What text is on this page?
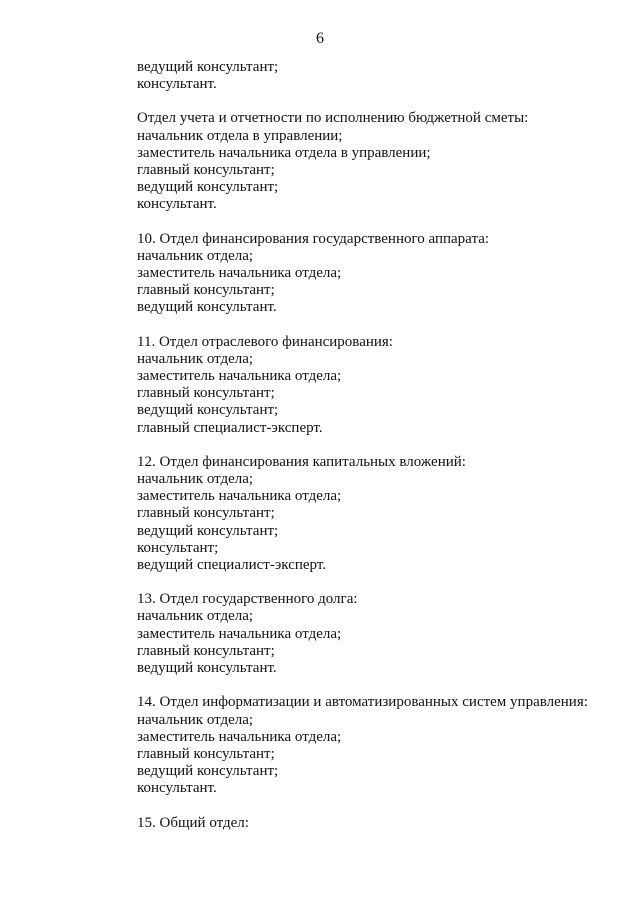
6
ведущий консультант;
консультант.
Отдел учета и отчетности по исполнению бюджетной сметы:
начальник отдела в управлении;
заместитель начальника отдела в управлении;
главный консультант;
ведущий консультант;
консультант.
10. Отдел финансирования государственного аппарата:
начальник отдела;
заместитель начальника отдела;
главный консультант;
ведущий консультант.
11. Отдел отраслевого финансирования:
начальник отдела;
заместитель начальника отдела;
главный консультант;
ведущий консультант;
главный специалист-эксперт.
12. Отдел финансирования капитальных вложений:
начальник отдела;
заместитель начальника отдела;
главный консультант;
ведущий консультант;
консультант;
ведущий специалист-эксперт.
13. Отдел государственного долга:
начальник отдела;
заместитель начальника отдела;
главный консультант;
ведущий консультант.
14. Отдел информатизации и автоматизированных систем управления:
начальник отдела;
заместитель начальника отдела;
главный консультант;
ведущий консультант;
консультант.
15. Общий отдел:
